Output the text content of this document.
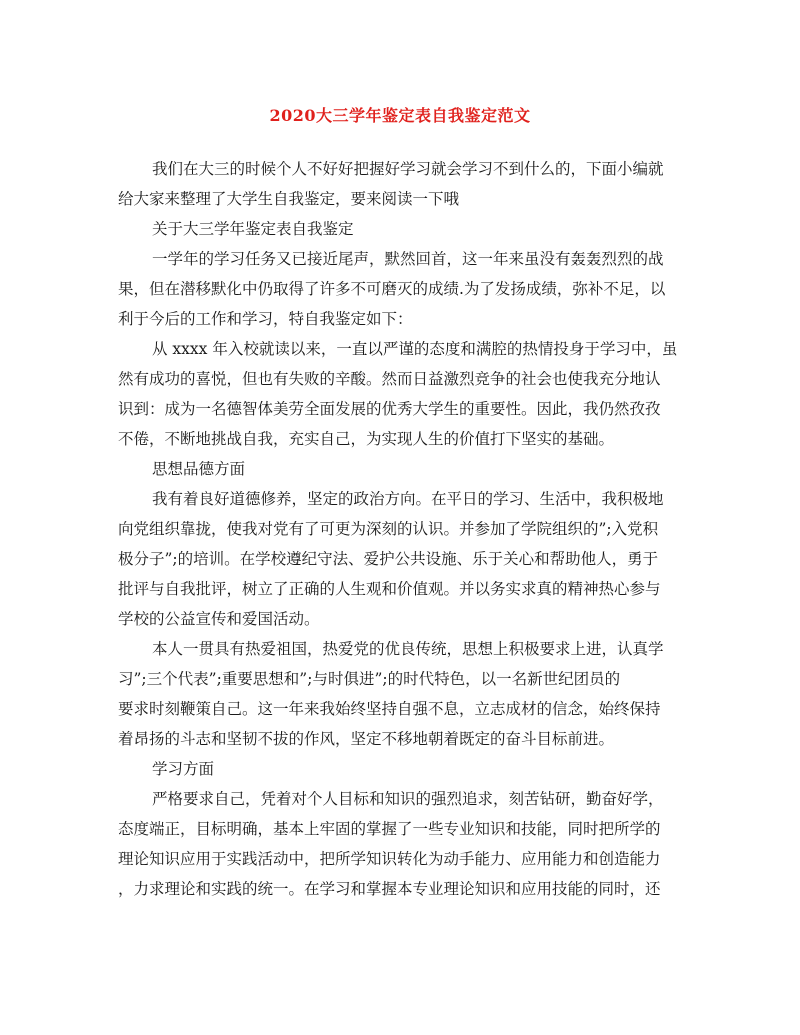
2020大三学年鉴定表自我鉴定范文
我们在大三的时候个人不好好把握好学习就会学习不到什么的，下面小编就
给大家来整理了大学生自我鉴定，要来阅读一下哦
关于大三学年鉴定表自我鉴定
一学年的学习任务又已接近尾声，默然回首，这一年来虽没有轰轰烈烈的战
果，但在潜移默化中仍取得了许多不可磨灭的成绩.为了发扬成绩，弥补不足，以
利于今后的工作和学习，特自我鉴定如下：
从 xxxx 年入校就读以来，一直以严谨的态度和满腔的热情投身于学习中，虽
然有成功的喜悦，但也有失败的辛酸。然而日益激烈竞争的社会也使我充分地认
识到：成为一名德智体美劳全面发展的优秀大学生的重要性。因此，我仍然孜孜
不倦，不断地挑战自我，充实自己，为实现人生的价值打下坚实的基础。
思想品德方面
我有着良好道德修养，坚定的政治方向。在平日的学习、生活中，我积极地
向党组织靠拢，使我对党有了可更为深刻的认识。并参加了学院组织的”;入党积
极分子”;的培训。在学校遵纪守法、爱护公共设施、乐于关心和帮助他人，勇于
批评与自我批评，树立了正确的人生观和价值观。并以务实求真的精神热心参与
学校的公益宣传和爱国活动。
本人一贯具有热爱祖国，热爱党的优良传统，思想上积极要求上进，认真学
习”;三个代表”;重要思想和”;与时俱进”;的时代特色，以一名新世纪团员的
要求时刻鞭策自己。这一年来我始终坚持自强不息，立志成材的信念，始终保持
着昂扬的斗志和坚韧不拔的作风，坚定不移地朝着既定的奋斗目标前进。
学习方面
严格要求自己，凭着对个人目标和知识的强烈追求，刻苦钻研，勤奋好学，
态度端正，目标明确，基本上牢固的掌握了一些专业知识和技能，同时把所学的
理论知识应用于实践活动中，把所学知识转化为动手能力、应用能力和创造能力
，力求理论和实践的统一。在学习和掌握本专业理论知识和应用技能的同时，还
